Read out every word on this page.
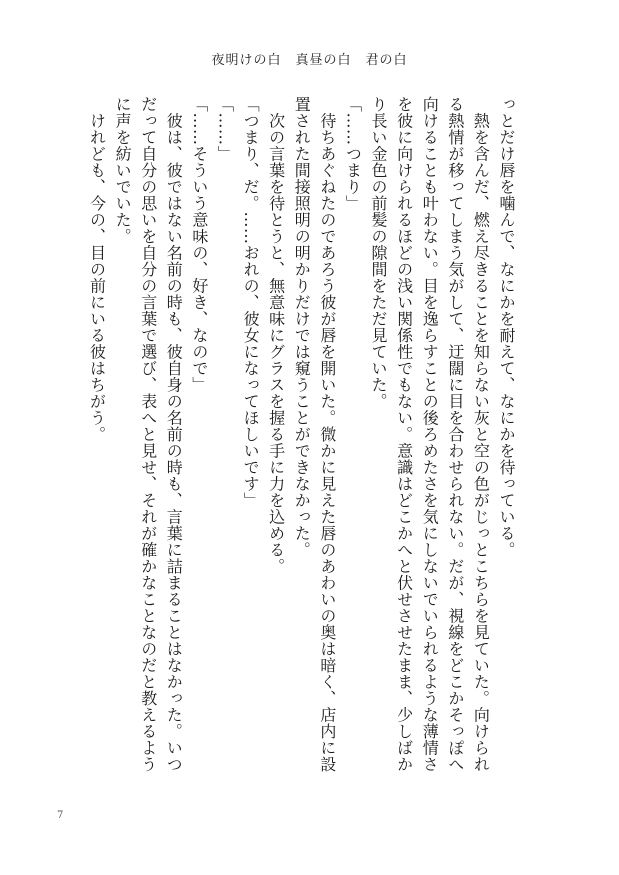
夜明けの白　真昼の白　君の白

っとだけ唇を噛んで、なにかを耐えて、なにかを待っている。

　熱を含んだ、燃え尽きることを知らない灰と空の色がじっとこちらを見ていた。向けられ

る熱情が移ってしまう気がして、迂闊に目を合わせられない。だが、視線をどこかそっぽへ

向けることも叶わない。目を逸らすことの後ろめたさを気にしないでいられるような薄情さ

を彼に向けられるほどの浅い関係性でもない。意識はどこかへと伏せさせたまま、少しばか

り長い金色の前髪の隙間をただ見ていた。

「……つまり」

　待ちあぐねたのであろう彼が唇を開いた。微かに見えた唇のあわいの奥は暗く、店内に設

置された間接照明の明かりだけでは窺うことができなかった。

　次の言葉を待とうと、無意味にグラスを握る手に力を込める。

「つまり、だ。……おれの、彼女になってほしいです」

「……」

「……そういう意味の、好き、なので」

　彼は、彼ではない名前の時も、彼自身の名前の時も、言葉に詰まることはなかった。いつ

だって自分の思いを自分の言葉で選び、表へと見せ、それが確かなことなのだと教えるよう

に声を紡いでいた。

　けれども、今の、目の前にいる彼はちがう。

7
